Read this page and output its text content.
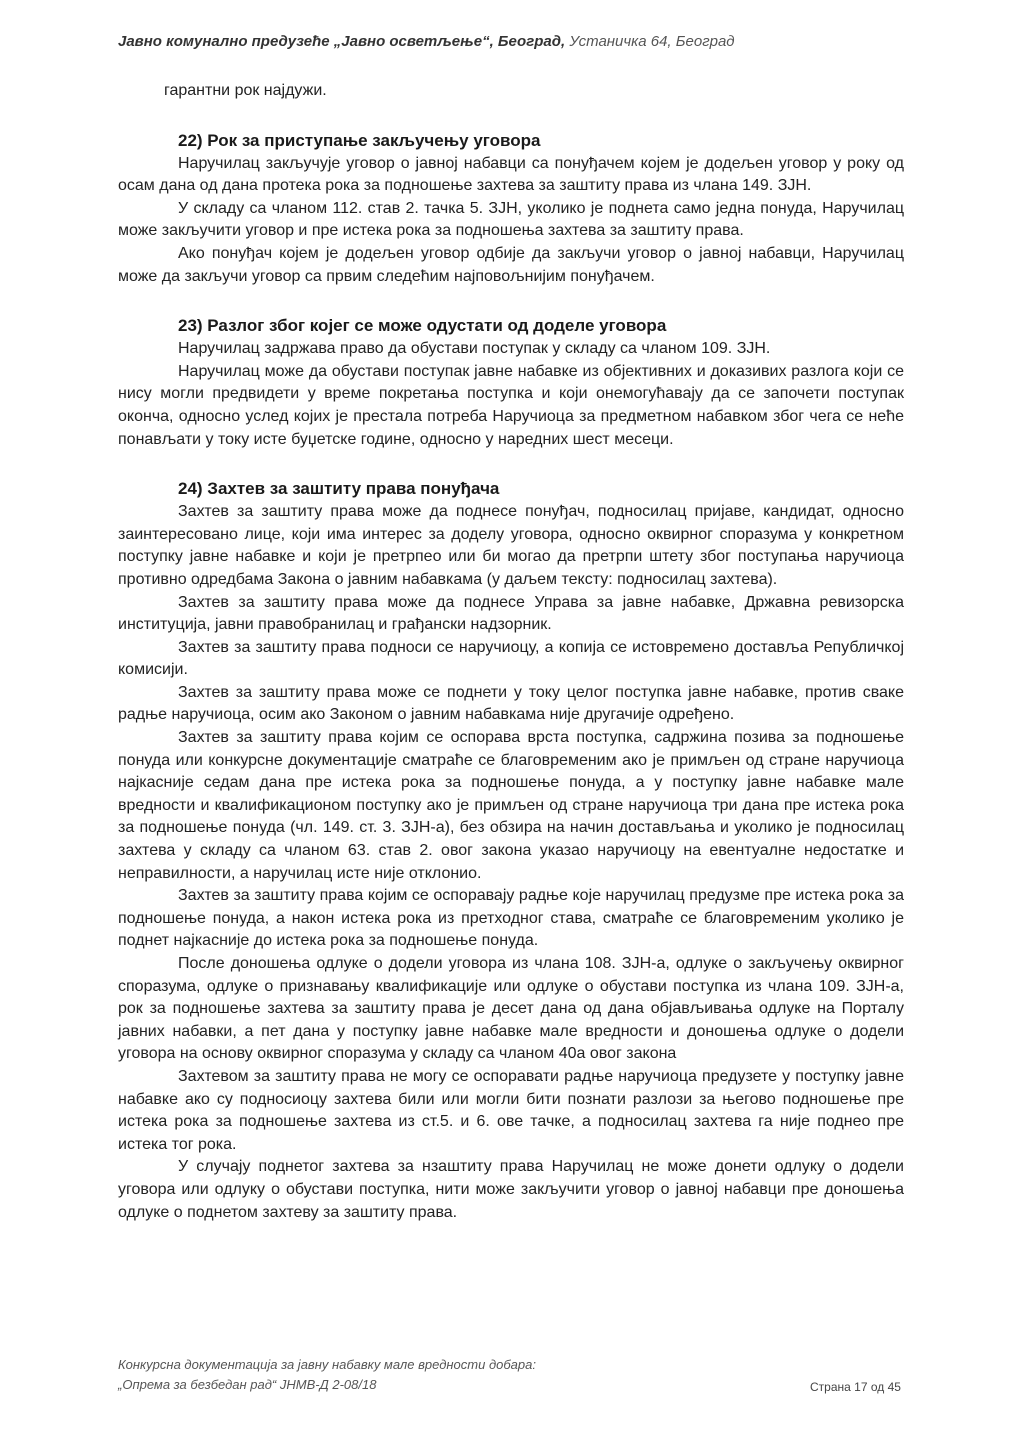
Јавно комунално предузеће „Јавно осветљење“, Београд, Устаничка 64, Београд

гарантни рок најдужи.

22) Рок за приступање закључењу уговора

Наручилац закључује уговор о јавној набавци са понуђачем којем је додељен уговор у року од осам дана од дана протека рока за подношење захтева за заштиту права из члана 149. ЗЈН.

У складу са чланом 112. став 2. тачка 5. ЗЈН, уколико је поднета само једна понуда, Наручилац може закључити уговор и пре истека рока за подношења захтева за заштиту права.

Ако понуђач којем је додељен уговор одбије да закључи уговор о јавној набавци, Наручилац може да закључи уговор са првим следећим најповољнијим понуђачем.

23) Разлог због којег се може одустати од доделе уговора

Наручилац задржава право да обустави поступак у складу са чланом 109. ЗЈН.

Наручилац може да обустави поступак јавне набавке из објективних и доказивих разлога који се нису могли предвидети у време покретања поступка и који онемогућавају да се започети поступак оконча, односно услед којих је престала потреба Наручиоца за предметном набавком због чега се неће понављати у току исте буџетске године, односно у наредних шест месеци.

24) Захтев за заштиту права понуђача

Захтев за заштиту права може да поднесе понуђач, подносилац пријаве, кандидат, односно заинтересовано лице, који има интерес за доделу уговора, односно оквирног споразума у конкретном поступку јавне набавке и који је претрпео или би могао да претрпи штету због поступања наручиоца противно одредбама Закона о јавним набавкама (у даљем тексту: подносилац захтева).

Захтев за заштиту права може да поднесе Управа за јавне набавке, Државна ревизорска институција, јавни правобранилац и грађански надзорник.

Захтев за заштиту права подноси се наручиоцу, а копија се истовремено доставља Републичкој комисији.

Захтев за заштиту права може се поднети у току целог поступка јавне набавке, против сваке радње наручиоца, осим ако Законом о јавним набавкама није другачије одређено.

Захтев за заштиту права којим се оспорава врста поступка, садржина позива за подношење понуда или конкурсне документације сматраће се благовременим ако је примљен од стране наручиоца најкасније седам дана пре истека рока за подношење понуда, а у поступку јавне набавке мале вредности и квалификационом поступку ако је примљен од стране наручиоца три дана пре истека рока за подношење понуда (чл. 149. ст. 3. ЗЈН-а), без обзира на начин достављања и уколико је подносилац захтева у складу са чланом 63. став 2. овог закона указао наручиоцу на евентуалне недостатке и неправилности, а наручилац исте није отклонио.

Захтев за заштиту права којим се оспоравају радње које наручилац предузме пре истека рока за подношење понуда, а након истека рока из претходног става, сматраће се благовременим уколико је поднет најкасније до истека рока за подношење понуда.

После доношења одлуке о додели уговора из члана 108. ЗЈН-а, одлуке о закључењу оквирног споразума, одлуке о признавању квалификације или одлуке о обустави поступка из члана 109. ЗЈН-а, рок за подношење захтева за заштиту права је десет дана од дана објављивања одлуке на Порталу јавних набавки, а пет дана у поступку јавне набавке мале вредности и доношења одлуке о додели уговора на основу оквирног споразума у складу са чланом 40а овог закона

Захтевом за заштиту права не могу се оспоравати радње наручиоца предузете у поступку јавне набавке ако су подносиоцу захтева били или могли бити познати разлози за његово подношење пре истека рока за подношење захтева из ст.5. и 6. ове тачке, а подносилац захтева га није поднео пре истека тог рока.

У случају поднетог захтева за нзаштиту права Наручилац не може донети одлуку о додели уговора или одлуку о обустави поступка, нити може закључити уговор о јавној набавци пре доношења одлуке о поднетом захтеву за заштиту права.

Конкурсна документација за јавну набавку мале вредности добара:
„Опрема за безбедан рад“ ЈНМВ-Д 2-08/18	Страна 17 од 45
